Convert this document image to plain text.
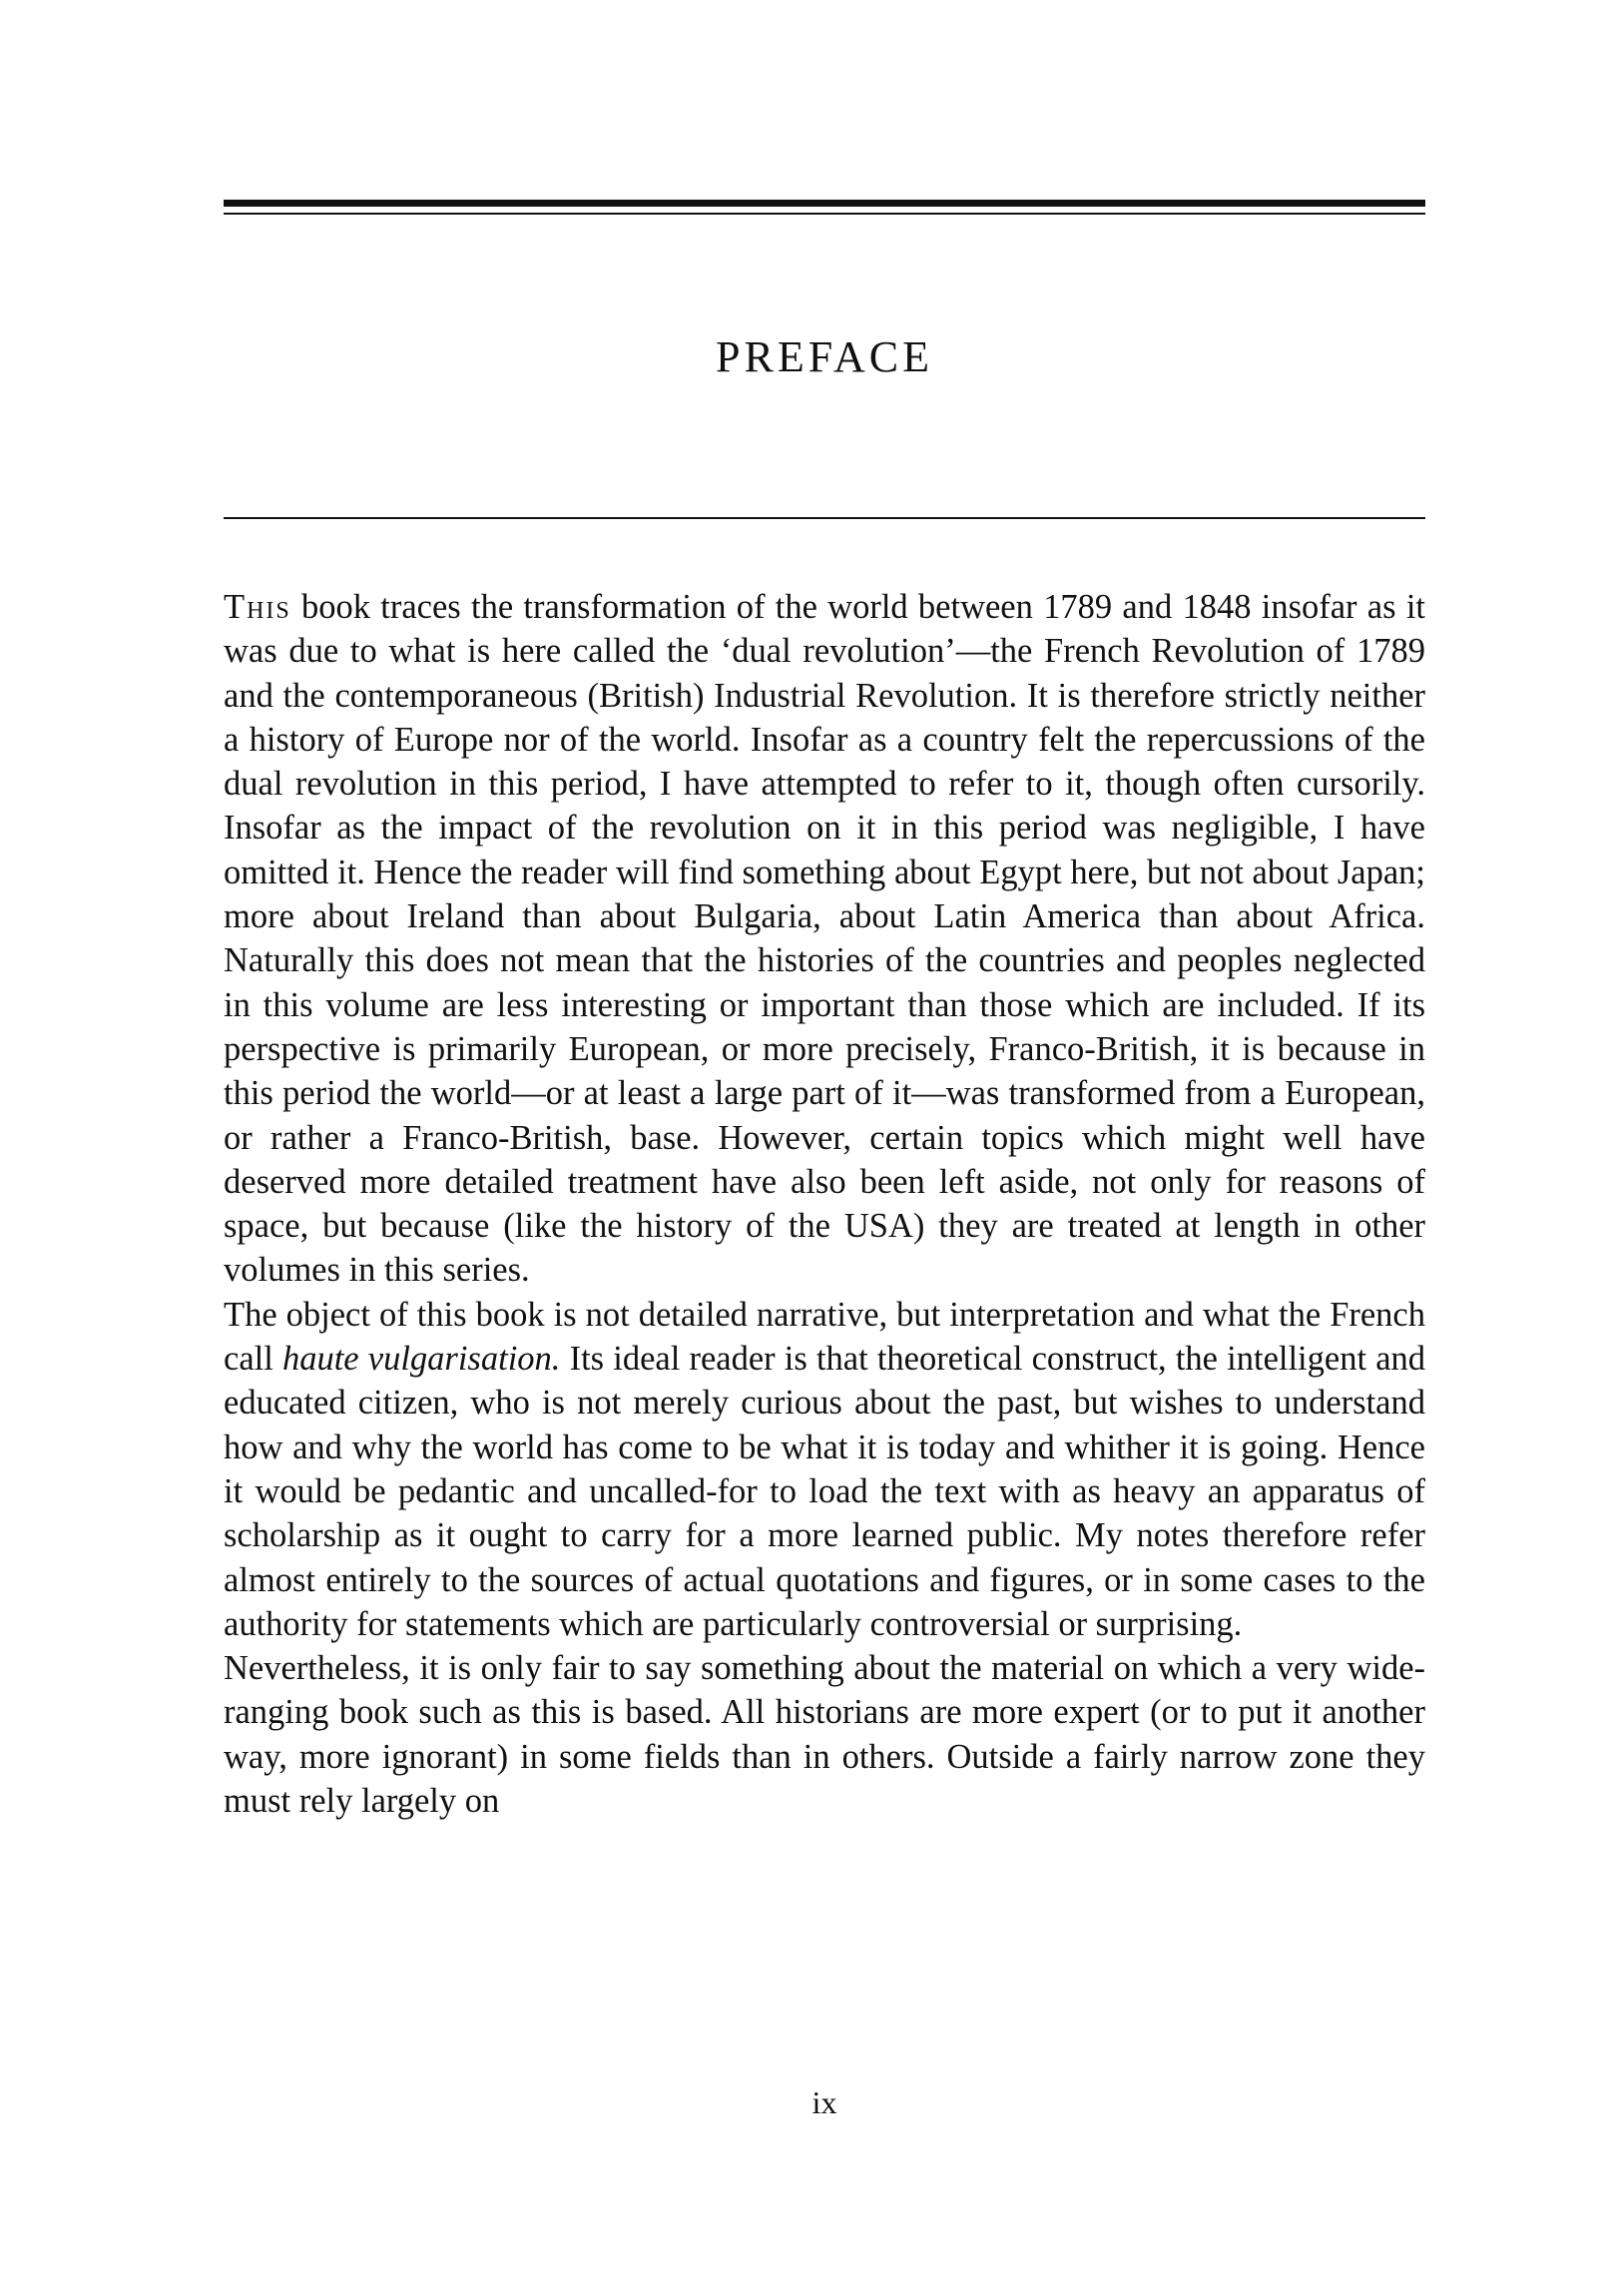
PREFACE

This book traces the transformation of the world between 1789 and 1848 insofar as it was due to what is here called the ‘dual revolution’—the French Revolution of 1789 and the contemporaneous (British) Industrial Revolution. It is therefore strictly neither a history of Europe nor of the world. Insofar as a country felt the repercussions of the dual revolution in this period, I have attempted to refer to it, though often cursorily. Insofar as the impact of the revolution on it in this period was negligible, I have omitted it. Hence the reader will find something about Egypt here, but not about Japan; more about Ireland than about Bulgaria, about Latin America than about Africa. Naturally this does not mean that the histories of the countries and peoples neglected in this volume are less interesting or important than those which are included. If its perspective is primarily European, or more precisely, Franco-British, it is because in this period the world—or at least a large part of it—was transformed from a European, or rather a Franco-British, base. However, certain topics which might well have deserved more detailed treatment have also been left aside, not only for reasons of space, but because (like the history of the USA) they are treated at length in other volumes in this series.

The object of this book is not detailed narrative, but interpretation and what the French call haute vulgarisation. Its ideal reader is that theoretical construct, the intelligent and educated citizen, who is not merely curious about the past, but wishes to understand how and why the world has come to be what it is today and whither it is going. Hence it would be pedantic and uncalled-for to load the text with as heavy an apparatus of scholarship as it ought to carry for a more learned public. My notes therefore refer almost entirely to the sources of actual quotations and figures, or in some cases to the authority for statements which are particularly controversial or surprising.

Nevertheless, it is only fair to say something about the material on which a very wide-ranging book such as this is based. All historians are more expert (or to put it another way, more ignorant) in some fields than in others. Outside a fairly narrow zone they must rely largely on

ix
